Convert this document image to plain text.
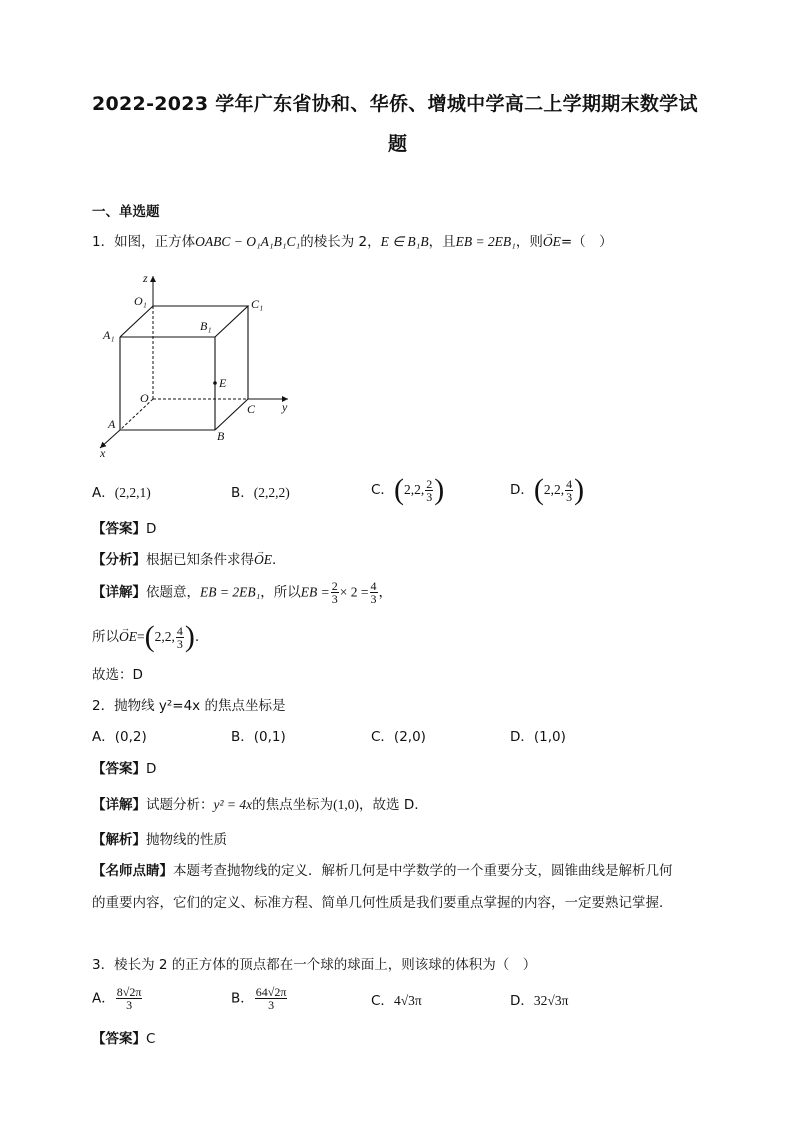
2022-2023 学年广东省协和、华侨、增城中学高二上学期期末数学试
题
一、单选题
1．如图，正方体OABC − O₁A₁B₁C₁的棱长为 2，E ∈ B₁B，且EB = 2EB₁，则→ OE=（　）
z
O₁	C₁
A₁
B₁
E
O
C y
A
B
x
A．(2,2,1)	B．(2,2,2)	C．(2,2, $\frac{2}{3}$ )	D．(2,2, $\frac{4}{3}$ )
【答案】D
【分析】根据已知条件求得→ OE.
【详解】依题意，EB = 2EB₁，所以EB = $\frac{2}{3} \times 2 = \frac{4}{3}$ ，
所以→ OE=(2,2, $\frac{4}{3}$ ).
故选：D
2．抛物线 y²=4x 的焦点坐标是
A．(0,2)	B．(0,1)	C．(2,0)	D．(1,0)
【答案】D
【详解】试题分析：y² = 4x的焦点坐标为(1,0)，故选 D.
【解析】抛物线的性质
【名师点睛】本题考查抛物线的定义．解析几何是中学数学的一个重要分支，圆锥曲线是解析几何
的重要内容，它们的定义、标准方程、简单几何性质是我们要重点掌握的内容，一定要熟记掌握．
3．棱长为 2 的正方体的顶点都在一个球的球面上，则该球的体积为（　）
A． $\frac{8√2\pi}{3}$	B． $\frac{64√2\pi}{3}$	C．4√3π	D．32√3π
【答案】C
